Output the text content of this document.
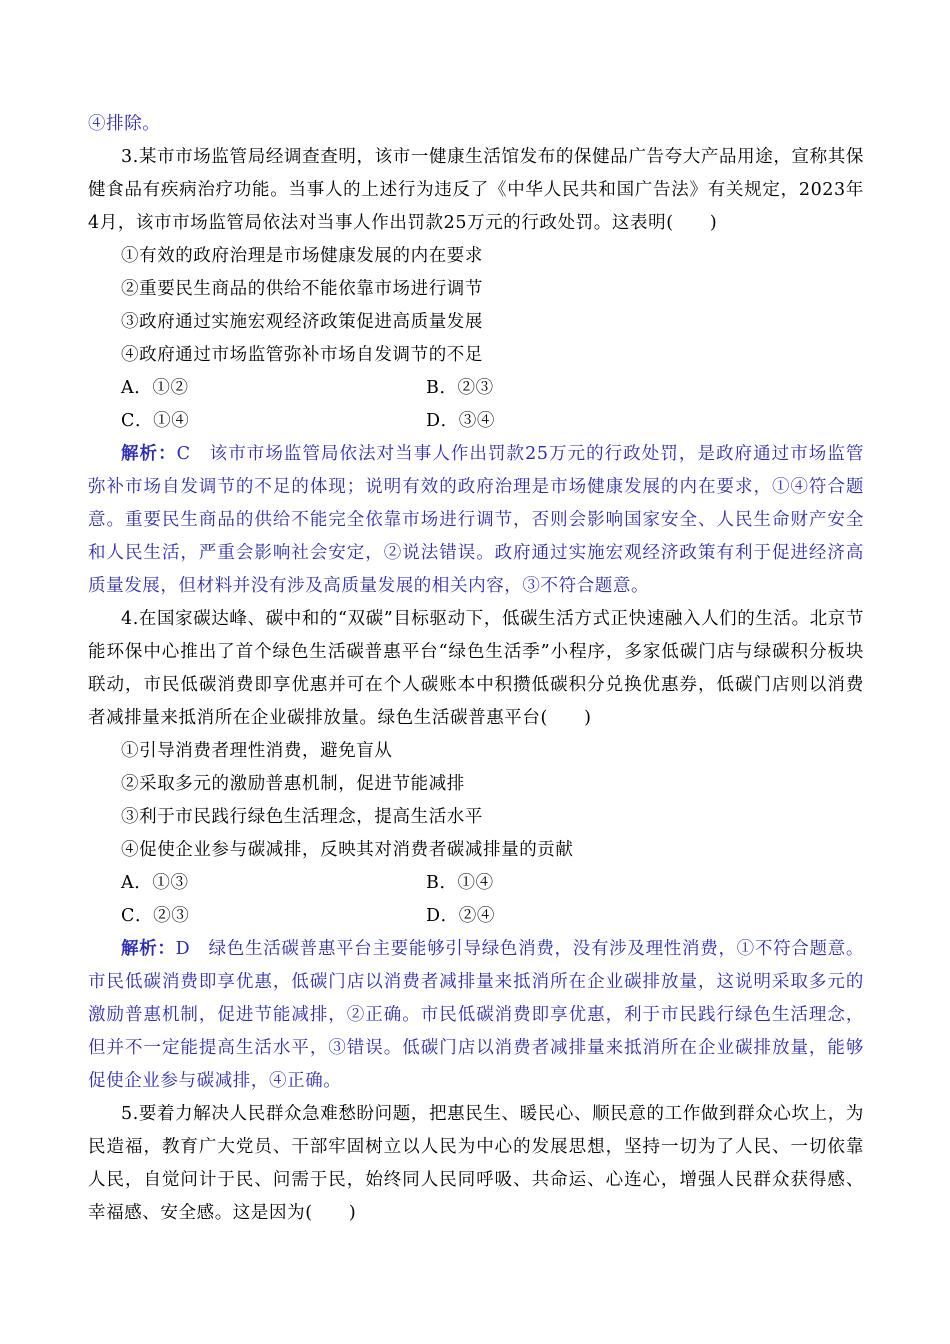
④排除。
3.某市市场监管局经调查查明，该市一健康生活馆发布的保健品广告夸大产品用途，宣称其保健食品有疾病治疗功能。当事人的上述行为违反了《中华人民共和国广告法》有关规定，2023年4月，该市市场监管局依法对当事人作出罚款25万元的行政处罚。这表明(　　)
①有效的政府治理是市场健康发展的内在要求
②重要民生商品的供给不能依靠市场进行调节
③政府通过实施宏观经济政策促进高质量发展
④政府通过市场监管弥补市场自发调节的不足
A．①②	B．②③
C．①④	D．③④
解析：C　该市市场监管局依法对当事人作出罚款25万元的行政处罚，是政府通过市场监管弥补市场自发调节的不足的体现；说明有效的政府治理是市场健康发展的内在要求，①④符合题意。重要民生商品的供给不能完全依靠市场进行调节，否则会影响国家安全、人民生命财产安全和人民生活，严重会影响社会安定，②说法错误。政府通过实施宏观经济政策有利于促进经济高质量发展，但材料并没有涉及高质量发展的相关内容，③不符合题意。
4.在国家碳达峰、碳中和的“双碳”目标驱动下，低碳生活方式正快速融入人们的生活。北京节能环保中心推出了首个绿色生活碳普惠平台“绿色生活季”小程序，多家低碳门店与绿碳积分板块联动，市民低碳消费即享优惠并可在个人碳账本中积攒低碳积分兑换优惠券，低碳门店则以消费者减排量来抵消所在企业碳排放量。绿色生活碳普惠平台(　　)
①引导消费者理性消费，避免盲从
②采取多元的激励普惠机制，促进节能减排
③利于市民践行绿色生活理念，提高生活水平
④促使企业参与碳减排，反映其对消费者碳减排量的贡献
A．①③	B．①④
C．②③	D．②④
解析：D　绿色生活碳普惠平台主要能够引导绿色消费，没有涉及理性消费，①不符合题意。市民低碳消费即享优惠，低碳门店以消费者减排量来抵消所在企业碳排放量，这说明采取多元的激励普惠机制，促进节能减排，②正确。市民低碳消费即享优惠，利于市民践行绿色生活理念，但并不一定能提高生活水平，③错误。低碳门店以消费者减排量来抵消所在企业碳排放量，能够促使企业参与碳减排，④正确。
5.要着力解决人民群众急难愁盼问题，把惠民生、暖民心、顺民意的工作做到群众心坎上，为民造福，教育广大党员、干部牢固树立以人民为中心的发展思想，坚持一切为了人民、一切依靠人民，自觉问计于民、问需于民，始终同人民同呼吸、共命运、心连心，增强人民群众获得感、幸福感、安全感。这是因为(　　)
